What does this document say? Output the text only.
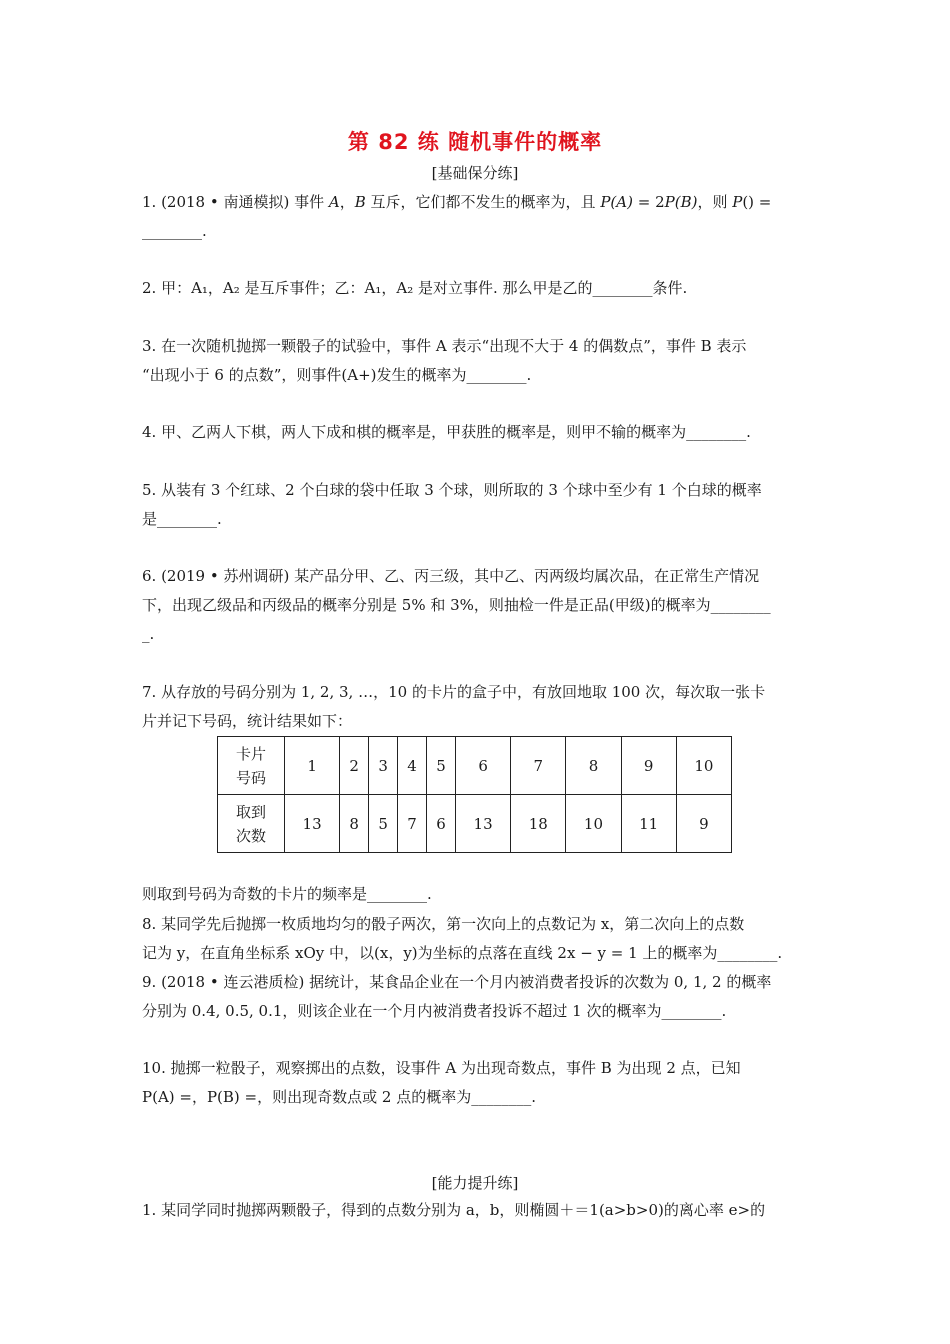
第 82 练 随机事件的概率
[基础保分练]
1. (2018 • 南通模拟) 事件 A，B 互斥，它们都不发生的概率为，且 P(A) = 2P(B)，则 P() =
________.
2. 甲：A₁，A₂ 是互斥事件；乙：A₁，A₂ 是对立事件. 那么甲是乙的________条件.
3. 在一次随机抛掷一颗骰子的试验中，事件 A 表示“出现不大于 4 的偶数点”，事件 B 表示
“出现小于 6 的点数”，则事件(A+)发生的概率为________.
4. 甲、乙两人下棋，两人下成和棋的概率是，甲获胜的概率是，则甲不输的概率为________.
5. 从装有 3 个红球、2 个白球的袋中任取 3 个球，则所取的 3 个球中至少有 1 个白球的概率
是________.
6. (2019 • 苏州调研) 某产品分甲、乙、丙三级，其中乙、丙两级均属次品，在正常生产情况
下，出现乙级品和丙级品的概率分别是 5% 和 3%，则抽检一件是正品(甲级)的概率为________
_.
7. 从存放的号码分别为 1, 2, 3, …，10 的卡片的盒子中，有放回地取 100 次，每次取一张卡
片并记下号码，统计结果如下：
卡片
号码	1	2	3	4	5	6	7	8	9	10

取到
次数	13	8	5	7	6	13	18	10	11	9
则取到号码为奇数的卡片的频率是________.
8. 某同学先后抛掷一枚质地均匀的骰子两次，第一次向上的点数记为 x，第二次向上的点数
记为 y，在直角坐标系 xOy 中，以(x，y)为坐标的点落在直线 2x − y = 1 上的概率为________.
9. (2018 • 连云港质检) 据统计，某食品企业在一个月内被消费者投诉的次数为 0, 1, 2 的概率
分别为 0.4, 0.5, 0.1，则该企业在一个月内被消费者投诉不超过 1 次的概率为________.
10. 抛掷一粒骰子，观察掷出的点数，设事件 A 为出现奇数点，事件 B 为出现 2 点，已知
P(A) =，P(B) =，则出现奇数点或 2 点的概率为________.
[能力提升练]
1. 某同学同时抛掷两颗骰子，得到的点数分别为 a，b，则椭圆＋＝1(a>b>0)的离心率 e>的
